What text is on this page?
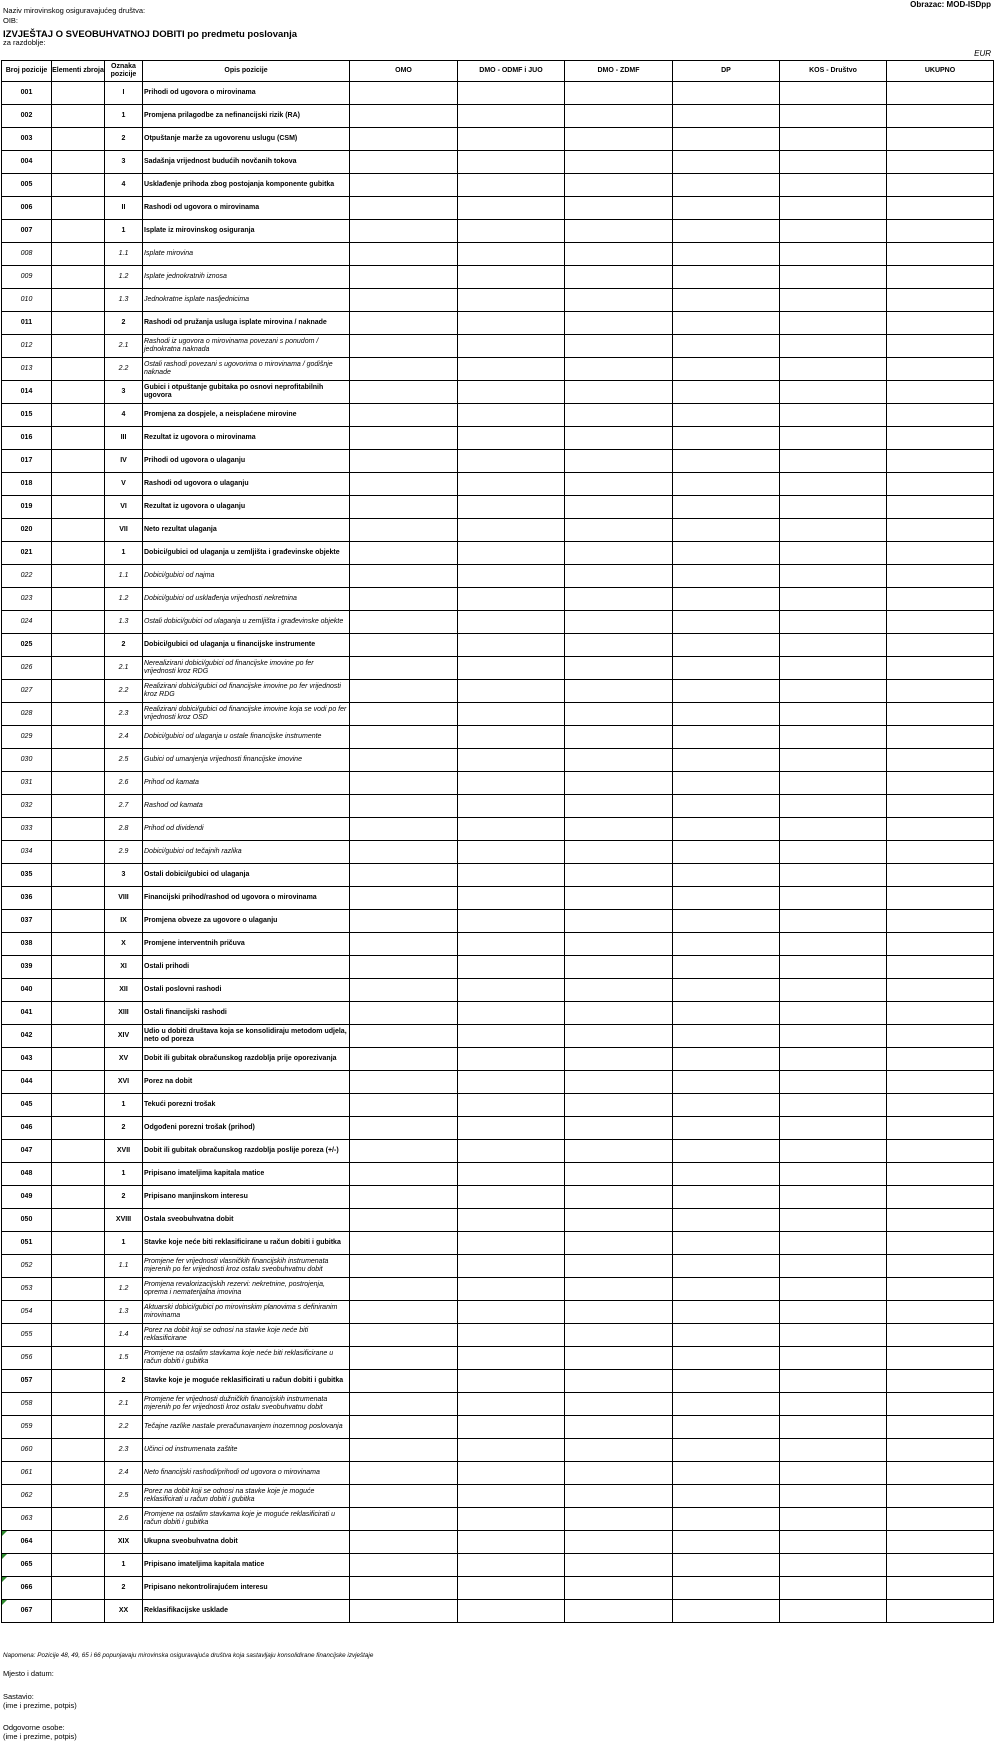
Obrazac: MOD-ISDpp
Naziv mirovinskog osiguravajućeg društva:
OIB:
IZVJEŠTAJ O SVEOBUHVATNOJ DOBITI po predmetu poslovanja
za razdoblje:
EUR
Broj pozicije	Elementi zbroja	Oznaka pozicije	Opis pozicije	OMO	DMO - ODMF i JUO	DMO - ZDMF	DP	KOS - Društvo	UKUPNO
001		I	Prihodi od ugovora o mirovinama						
002		1	Promjena prilagodbe za nefinancijski rizik (RA)						
003		2	Otpuštanje marže za ugovorenu uslugu (CSM)						
004		3	Sadašnja vrijednost budućih novčanih tokova						
005		4	Usklađenje prihoda zbog postojanja komponente gubitka						
006		II	Rashodi od ugovora o mirovinama						
007		1	Isplate iz mirovinskog osiguranja						
008		1.1	Isplate mirovina						
009		1.2	Isplate jednokratnih iznosa						
010		1.3	Jednokratne isplate nasljednicima						
011		2	Rashodi od pružanja usluga isplate mirovina / naknade						
012		2.1	Rashodi iz ugovora o mirovinama povezani s ponudom / jednokratna naknada						
013		2.2	Ostali rashodi povezani s ugovorima o mirovinama / godišnje naknade						
014		3	Gubici i otpuštanje gubitaka po osnovi neprofitabilnih ugovora						
015		4	Promjena za dospjele, a neisplaćene mirovine						
016		III	Rezultat iz ugovora o mirovinama						
017		IV	Prihodi od ugovora o ulaganju						
018		V	Rashodi od ugovora o ulaganju						
019		VI	Rezultat iz ugovora o ulaganju						
020		VII	Neto rezultat ulaganja						
021		1	Dobici/gubici od ulaganja u zemljišta i građevinske objekte						
022		1.1	Dobici/gubici od najma						
023		1.2	Dobici/gubici od usklađenja vrijednosti nekretnina						
024		1.3	Ostali dobici/gubici od ulaganja u zemljišta i građevinske objekte						
025		2	Dobici/gubici od ulaganja u financijske instrumente						
026		2.1	Nerealizirani dobici/gubici od financijske imovine po fer vrijednosti kroz RDG						
027		2.2	Realizirani dobici/gubici od financijske imovine po fer vrijednosti kroz RDG						
028		2.3	Realizirani dobici/gubici od financijske imovine koja se vodi po fer vrijednosti kroz OSD						
029		2.4	Dobici/gubici od ulaganja u ostale financijske instrumente						
030		2.5	Gubici od umanjenja vrijednosti financijske imovine						
031		2.6	Prihod od kamata						
032		2.7	Rashod od kamata						
033		2.8	Prihod od dividendi						
034		2.9	Dobici/gubici od tečajnih razlika						
035		3	Ostali dobici/gubici od ulaganja						
036		VIII	Financijski prihod/rashod od ugovora o mirovinama						
037		IX	Promjena obveze za ugovore o ulaganju						
038		X	Promjene interventnih pričuva						
039		XI	Ostali prihodi						
040		XII	Ostali poslovni rashodi						
041		XIII	Ostali financijski rashodi						
042		XIV	Udio u dobiti društava koja se konsolidiraju metodom udjela, neto od poreza						
043		XV	Dobit ili gubitak obračunskog razdoblja prije oporezivanja						
044		XVI	Porez na dobit						
045		1	Tekući porezni trošak						
046		2	Odgođeni porezni trošak (prihod)						
047		XVII	Dobit ili gubitak obračunskog razdoblja poslije poreza (+/-)						
048		1	Pripisano imateljima kapitala matice						
049		2	Pripisano manjinskom interesu						
050		XVIII	Ostala sveobuhvatna dobit						
051		1	Stavke koje neće biti reklasificirane u račun dobiti i gubitka						
052		1.1	Promjene fer vrijednosti vlasničkih financijskih instrumenata mjerenih po fer vrijednosti kroz ostalu sveobuhvatnu dobit						
053		1.2	Promjena revalorizacijskih rezervi: nekretnine, postrojenja, oprema i nematerijalna imovina						
054		1.3	Aktuarski dobici/gubici po mirovinskim planovima s definiranim mirovinama						
055		1.4	Porez na dobit koji se odnosi na stavke koje neće biti reklasificirane						
056		1.5	Promjene na ostalim stavkama koje neće biti reklasificirane u račun dobiti i gubitka						
057		2	Stavke koje je moguće reklasificirati u račun dobiti i gubitka						
058		2.1	Promjene fer vrijednosti dužničkih financijskih instrumenata mjerenih po fer vrijednosti kroz ostalu sveobuhvatnu dobit						
059		2.2	Tečajne razlike nastale preračunavanjem inozemnog poslovanja						
060		2.3	Učinci od instrumenata zaštite						
061		2.4	Neto financijski rashodi/prihodi od ugovora o mirovinama						
062		2.5	Porez na dobit koji se odnosi na stavke koje je moguće reklasificirati u račun dobiti i gubitka						
063		2.6	Promjene na ostalim stavkama koje je moguće reklasificirati u račun dobiti i gubitka						
064		XIX	Ukupna sveobuhvatna dobit						
065		1	Pripisano imateljima kapitala matice						
066		2	Pripisano nekontrolirajućem interesu						
067		XX	Reklasifikacijske uskladе						
Napomena: Pozicije 48, 49, 65 i 66 popunjavaju mirovinska osiguravajuća društva koja sastavljaju konsolidirane financijske izvještaje
Mjesto i datum:
Sastavio:
(ime i prezime, potpis)
Odgovorne osobe:
(ime i prezime, potpis)
